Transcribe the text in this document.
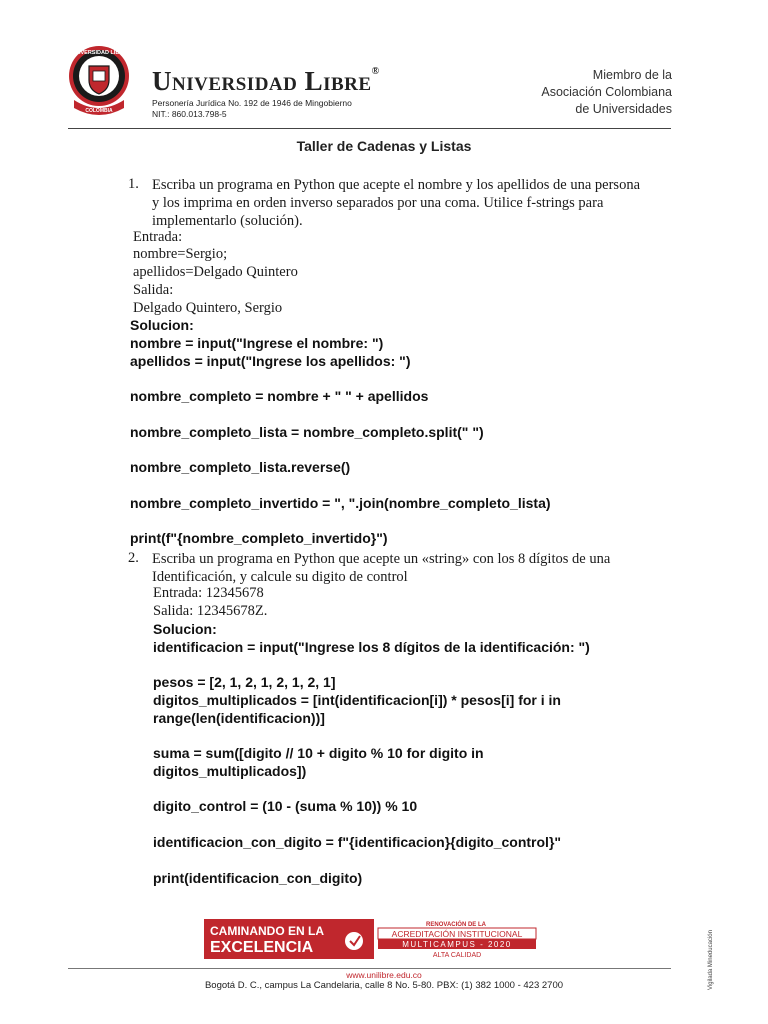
UNIVERSIDAD LIBRE
COLOMBIA
Universidad Libre®
Personería Jurídica No. 192 de 1946 de Mingobierno
NIT.: 860.013.798-5
Miembro de la
Asociación Colombiana
de Universidades
Taller de Cadenas y Listas
1. Escriba un programa en Python que acepte el nombre y los apellidos de una persona
y los imprima en orden inverso separados por una coma. Utilice f-strings para
implementarlo (solución).
Entrada:
nombre=Sergio;
apellidos=Delgado Quintero
Salida:
Delgado Quintero, Sergio
Solucion:
nombre = input("Ingrese el nombre: ")
apellidos = input("Ingrese los apellidos: ")
nombre_completo = nombre + " " + apellidos
nombre_completo_lista = nombre_completo.split(" ")
nombre_completo_lista.reverse()
nombre_completo_invertido = ", ".join(nombre_completo_lista)
print(f"{nombre_completo_invertido}")
2. Escriba un programa en Python que acepte un «string» con los 8 dígitos de una
Identificación, y calcule su digito de control
Entrada: 12345678
Salida: 12345678Z.
Solucion:
identificacion = input("Ingrese los 8 dígitos de la identificación: ")
pesos = [2, 1, 2, 1, 2, 1, 2, 1]
digitos_multiplicados = [int(identificacion[i]) * pesos[i] for i in
range(len(identificacion))]
suma = sum([digito // 10 + digito % 10 for digito in
digitos_multiplicados])
digito_control = (10 - (suma % 10)) % 10
identificacion_con_digito = f"{identificacion}{digito_control}"
print(identificacion_con_digito)
CAMINANDO EN LA
EXCELENCIA
RENOVACIÓN DE LA
ACREDITACIÓN INSTITUCIONAL
MULTICAMPUS - 2020
ALTA CALIDAD
www.unilibre.edu.co
Bogotá D. C., campus La Candelaria, calle 8 No. 5-80. PBX: (1) 382 1000 - 423 2700	Vigilada Mineducación
